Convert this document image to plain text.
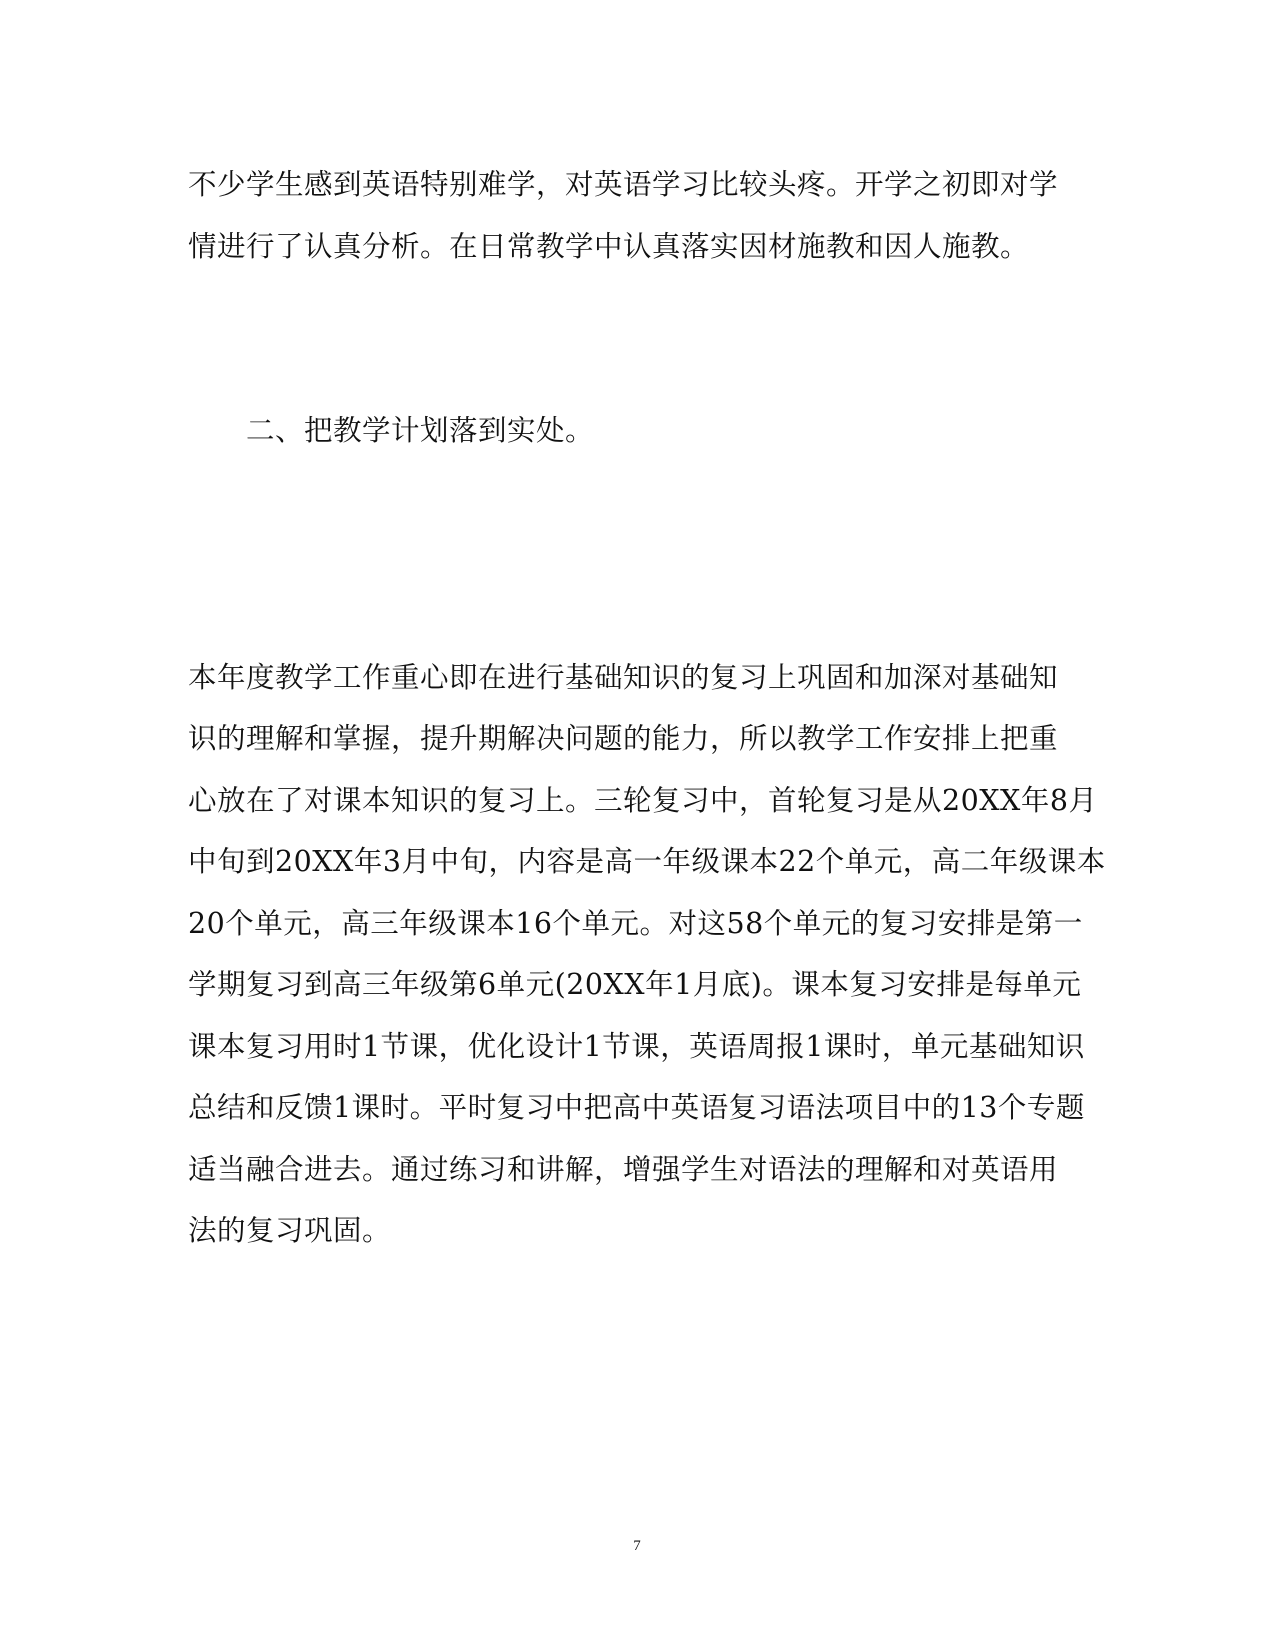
不少学生感到英语特别难学，对英语学习比较头疼。开学之初即对学
情进行了认真分析。在日常教学中认真落实因材施教和因人施教。
二、把教学计划落到实处。
本年度教学工作重心即在进行基础知识的复习上巩固和加深对基础知
识的理解和掌握，提升期解决问题的能力，所以教学工作安排上把重
心放在了对课本知识的复习上。三轮复习中，首轮复习是从20XX年8月
中旬到20XX年3月中旬，内容是高一年级课本22个单元，高二年级课本
20个单元，高三年级课本16个单元。对这58个单元的复习安排是第一
学期复习到高三年级第6单元(20XX年1月底)。课本复习安排是每单元
课本复习用时1节课，优化设计1节课，英语周报1课时，单元基础知识
总结和反馈1课时。平时复习中把高中英语复习语法项目中的13个专题
适当融合进去。通过练习和讲解，增强学生对语法的理解和对英语用
法的复习巩固。
7
